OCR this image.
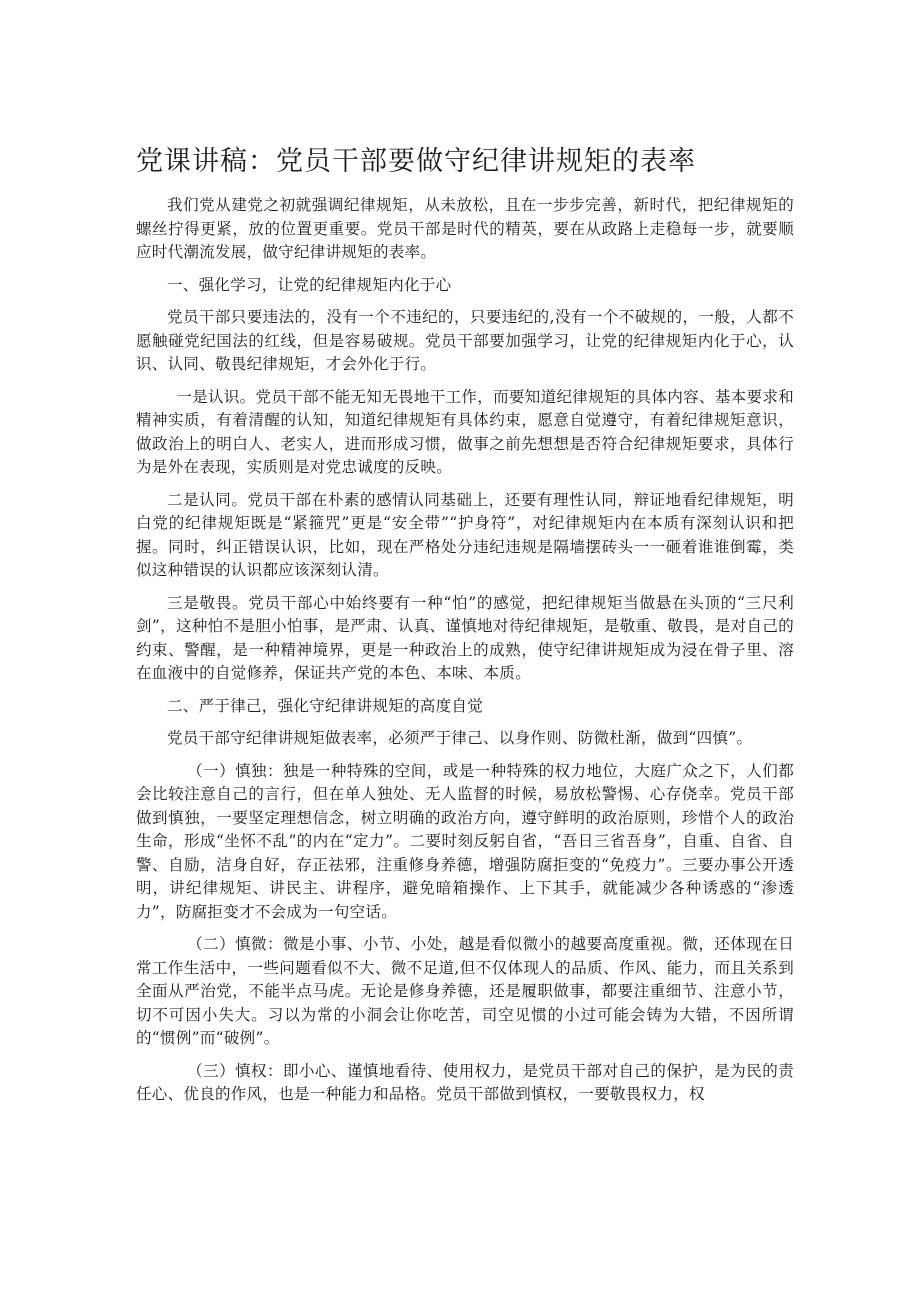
党课讲稿：党员干部要做守纪律讲规矩的表率

我们党从建党之初就强调纪律规矩，从未放松，且在一步步完善，新时代，把纪律规矩的螺丝拧得更紧，放的位置更重要。党员干部是时代的精英，要在从政路上走稳每一步，就要顺应时代潮流发展，做守纪律讲规矩的表率。

一、强化学习，让党的纪律规矩内化于心

党员干部只要违法的，没有一个不违纪的，只要违纪的,没有一个不破规的，一般，人都不愿触碰党纪国法的红线，但是容易破规。党员干部要加强学习，让党的纪律规矩内化于心，认识、认同、敬畏纪律规矩，才会外化于行。

一是认识。党员干部不能无知无畏地干工作，而要知道纪律规矩的具体内容、基本要求和精神实质，有着清醒的认知，知道纪律规矩有具体约束，愿意自觉遵守，有着纪律规矩意识，做政治上的明白人、老实人，进而形成习惯，做事之前先想想是否符合纪律规矩要求，具体行为是外在表现，实质则是对党忠诚度的反映。

二是认同。党员干部在朴素的感情认同基础上，还要有理性认同，辩证地看纪律规矩，明白党的纪律规矩既是“紧箍咒”更是“安全带”“护身符”，对纪律规矩内在本质有深刻认识和把握。同时，纠正错误认识，比如，现在严格处分违纪违规是隔墙摆砖头一一砸着谁谁倒霉，类似这种错误的认识都应该深刻认清。

三是敬畏。党员干部心中始终要有一种“怕”的感觉，把纪律规矩当做悬在头顶的“三尺利剑”，这种怕不是胆小怕事，是严肃、认真、谨慎地对待纪律规矩，是敬重、敬畏，是对自己的约束、警醒，是一种精神境界，更是一种政治上的成熟，使守纪律讲规矩成为浸在骨子里、溶在血液中的自觉修养，保证共产党的本色、本味、本质。

二、严于律己，强化守纪律讲规矩的高度自觉

党员干部守纪律讲规矩做表率，必须严于律己、以身作则、防微杜渐，做到“四慎”。

（一）慎独：独是一种特殊的空间，或是一种特殊的权力地位，大庭广众之下，人们都会比较注意自己的言行，但在单人独处、无人监督的时候，易放松警惕、心存侥幸。党员干部做到慎独，一要坚定理想信念，树立明确的政治方向，遵守鲜明的政治原则，珍惜个人的政治生命，形成“坐怀不乱”的内在“定力”。二要时刻反躬自省，“吾日三省吾身”，自重、自省、自警、自励，洁身自好，存正祛邪，注重修身养德，增强防腐拒变的“免疫力”。三要办事公开透明，讲纪律规矩、讲民主、讲程序，避免暗箱操作、上下其手，就能减少各种诱惑的“渗透力”，防腐拒变才不会成为一句空话。

（二）慎微：微是小事、小节、小处，越是看似微小的越要高度重视。微，还体现在日常工作生活中，一些问题看似不大、微不足道,但不仅体现人的品质、作风、能力，而且关系到全面从严治党，不能半点马虎。无论是修身养德，还是履职做事，都要注重细节、注意小节，切不可因小失大。习以为常的小洞会让你吃苦，司空见惯的小过可能会铸为大错，不因所谓的“惯例”而“破例”。

（三）慎权：即小心、谨慎地看待、使用权力，是党员干部对自己的保护，是为民的责任心、优良的作风，也是一种能力和品格。党员干部做到慎权，一要敬畏权力，权
